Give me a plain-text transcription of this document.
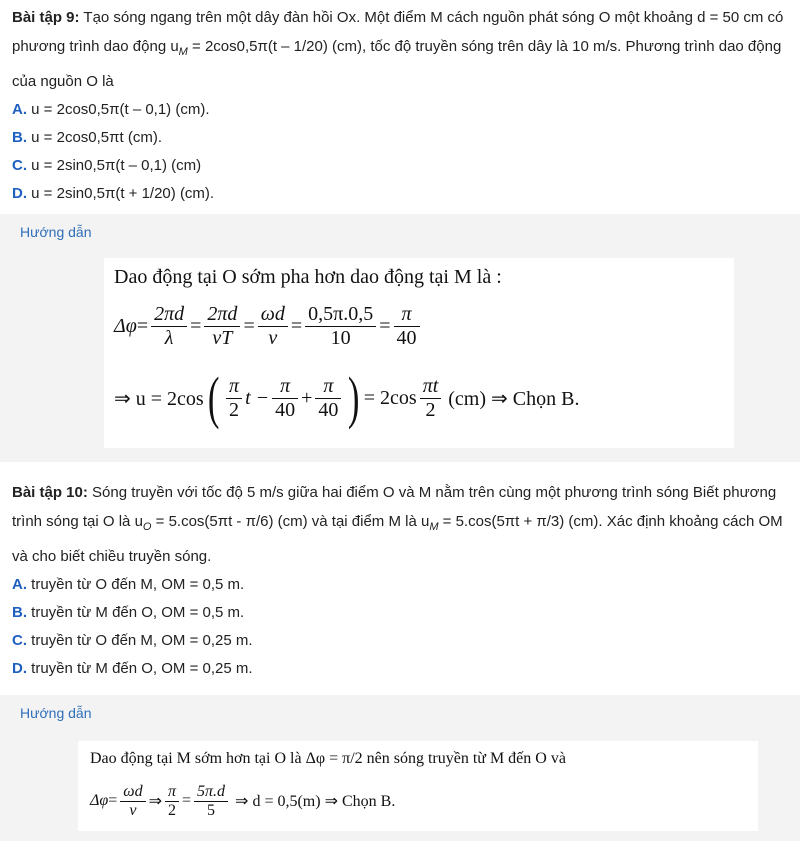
Bài tập 9: Tạo sóng ngang trên một dây đàn hồi Ox. Một điểm M cách nguồn phát sóng O một khoảng d = 50 cm có phương trình dao động $u_M = 2\cos 0,5\pi(t - 1/20)$ (cm), tốc độ truyền sóng trên dây là 10 m/s. Phương trình dao động của nguồn O là
A. u = 2cos0,5π(t – 0,1) (cm).
B. u = 2cos0,5πt (cm).
C. u = 2sin0,5π(t – 0,1) (cm)
D. u = 2sin0,5π(t + 1/20) (cm).
Hướng dẫn
Dao động tại O sớm pha hơn dao động tại M là :
$\Delta\varphi = \frac{2\pi d}{\lambda} = \frac{2\pi d}{vT} = \frac{\omega d}{v} = \frac{0,5\pi.0,5}{10} = \frac{\pi}{40}$
⇒ u = 2cos ( $\frac{\pi}{2}$ $t - \frac{\pi}{40} + \frac{\pi}{40}$ ) = $2\cos \frac{\pi t}{2} (cm)$ ⇒ Chọn B.
Bài tập 10: Sóng truyền với tốc độ 5 m/s giữa hai điểm O và M nằm trên cùng một phương trình sóng Biết phương trình sóng tại O là $u_O = 5.\cos(5\pi t - \pi/6)$ (cm) và tại điểm M là $u_M = 5.\cos(5\pi t + \pi/3)$ (cm). Xác định khoảng cách OM và cho biết chiều truyền sóng.
A. truyền từ O đến M, OM = 0,5 m.
B. truyền từ M đến O, OM = 0,5 m.
C. truyền từ O đến M, OM = 0,25 m.
D. truyền từ M đến O, OM = 0,25 m.
Hướng dẫn
Dao động tại M sớm hơn tại O là Δφ = π/2 nên sóng truyền từ M đến O và
$\Delta\varphi = \frac{\omega d}{v}$ ⇒ $\frac{\pi}{2} = \frac{5\pi.d}{5}$ ⇒ d = 0,5(m) ⇒ Chọn B.
